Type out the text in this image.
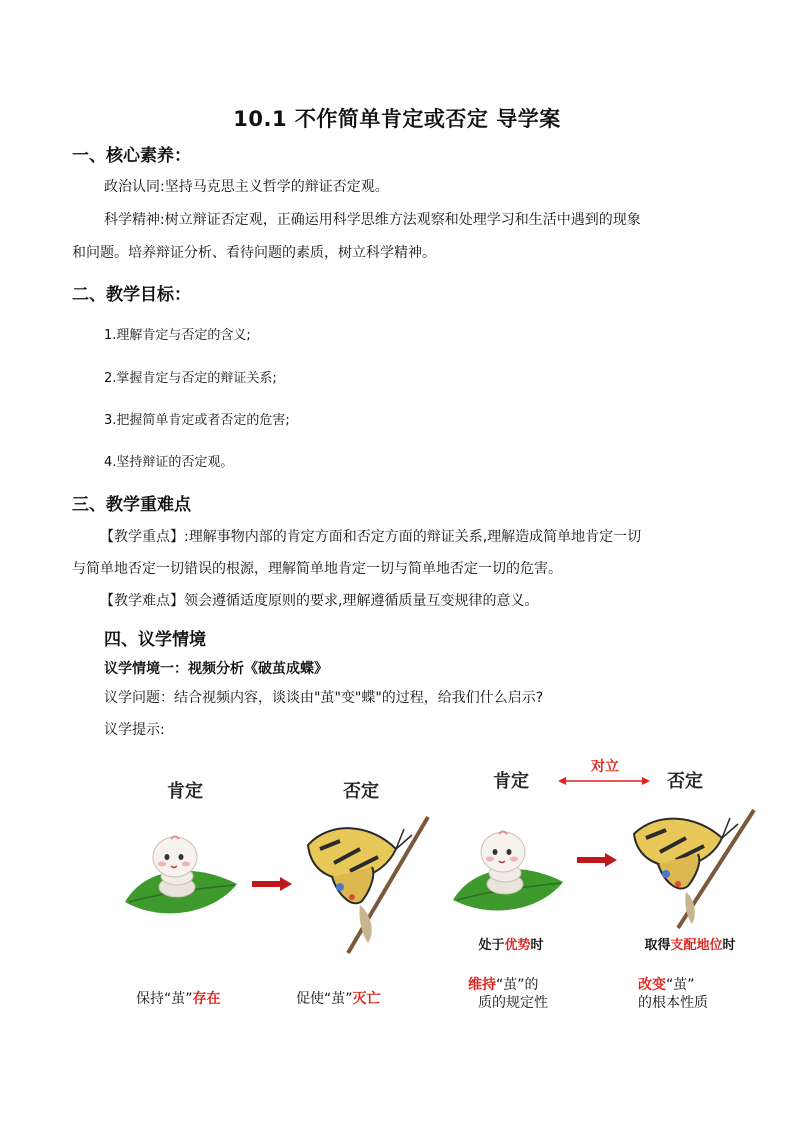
10.1 不作简单肯定或否定 导学案
一、核心素养：
政治认同:坚持马克思主义哲学的辩证否定观。
科学精神:树立辩证否定观，正确运用科学思维方法观察和处理学习和生活中遇到的现象
和问题。培养辩证分析、看待问题的素质，树立科学精神。
二、教学目标：
1.理解肯定与否定的含义;
2.掌握肯定与否定的辩证关系;
3.把握简单肯定或者否定的危害;
4.坚持辩证的否定观。
三、教学重难点
【教学重点】:理解事物内部的肯定方面和否定方面的辩证关系,理解造成简单地肯定一切
与简单地否定一切错误的根源，理解简单地肯定一切与简单地否定一切的危害。
【教学难点】领会遵循适度原则的要求,理解遵循质量互变规律的意义。
四、议学情境
议学情境一：视频分析《破茧成蝶》
议学问题：结合视频内容，谈谈由"茧"变"蝶"的过程，给我们什么启示?
议学提示:
肯定	否定	肯定	否定
对立
处于优势时	取得支配地位时
保持“茧”存在	促使“茧”灭亡
维持“茧”的
质的规定性
改变“茧”
的根本性质
